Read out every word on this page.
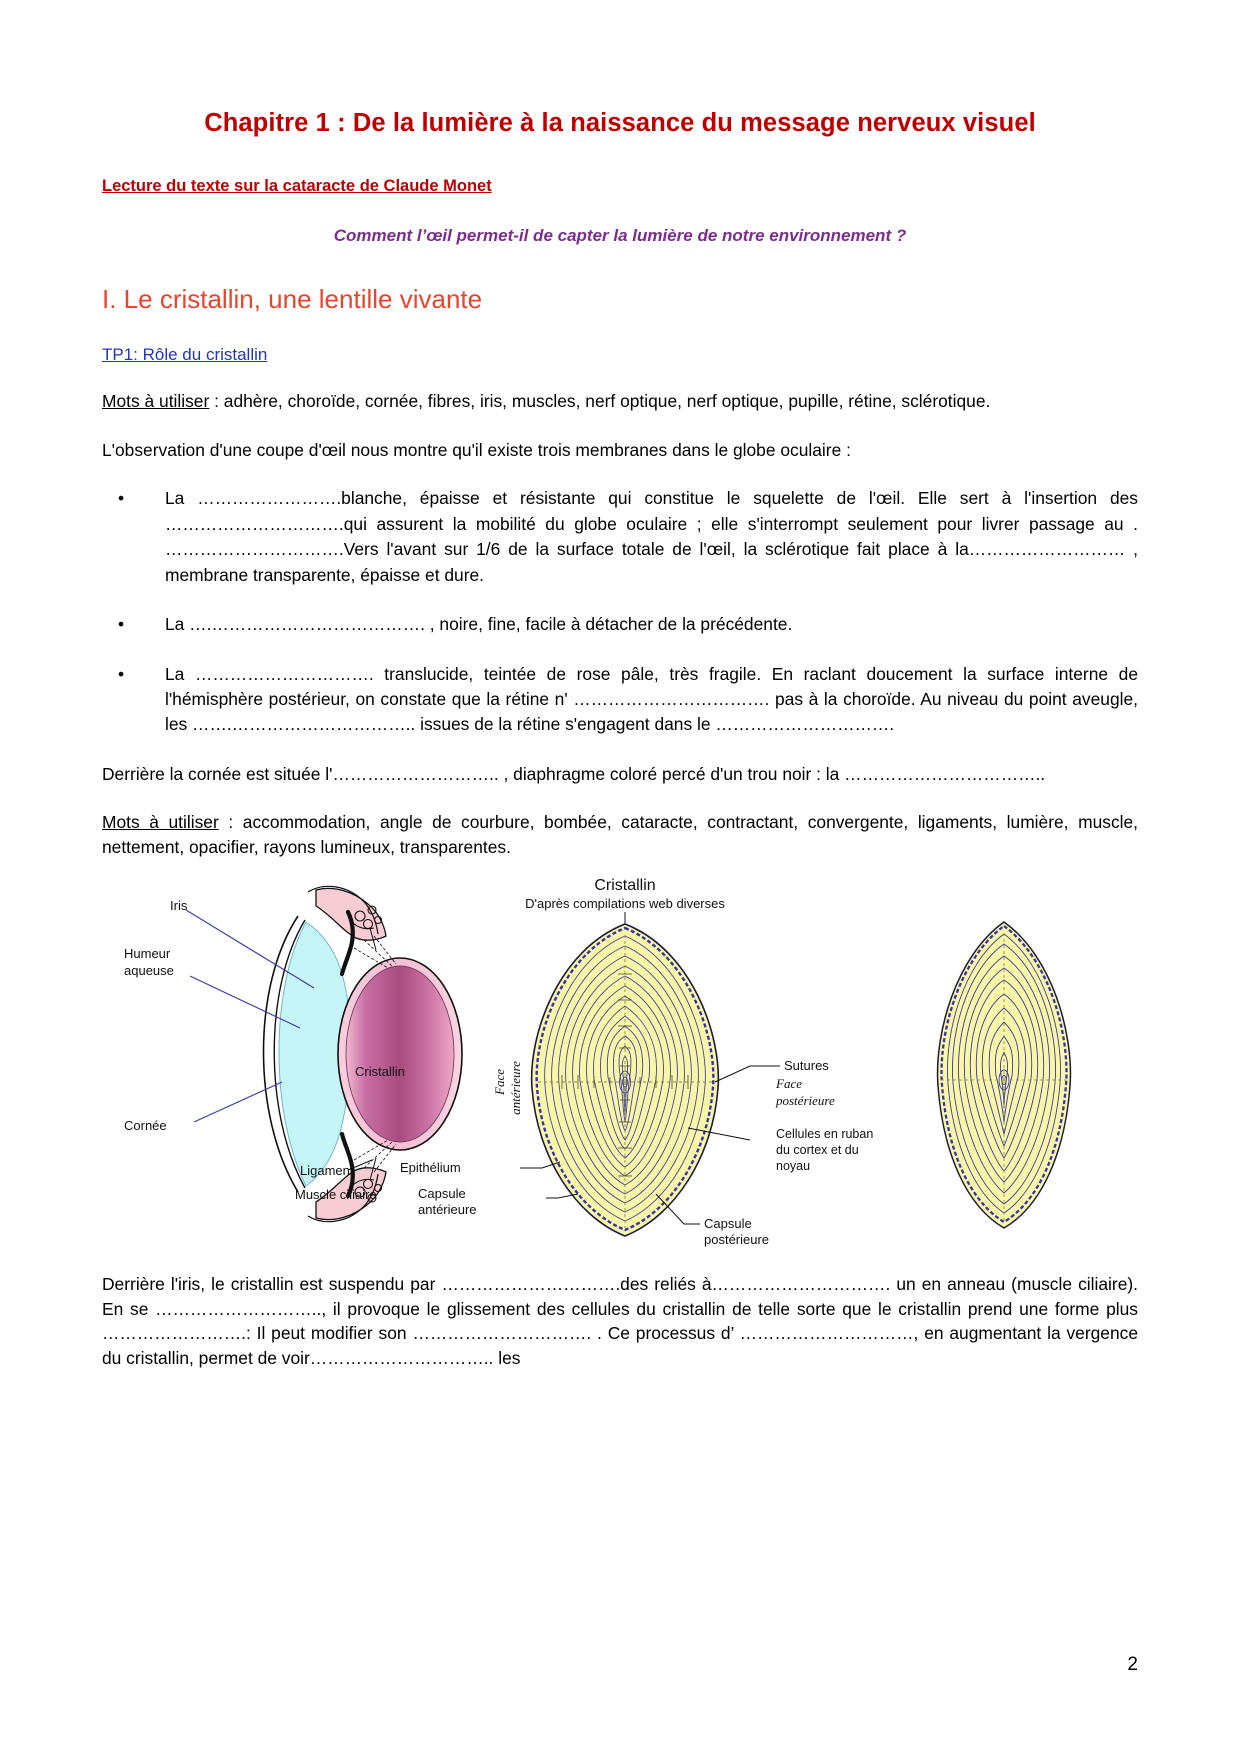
Chapitre 1 : De la lumière à la naissance du message nerveux visuel
Lecture du texte sur la cataracte de Claude Monet

Comment l’œil permet-il de capter la lumière de notre environnement ?

I. Le cristallin, une lentille vivante

TP1: Rôle du cristallin

Mots à utiliser : adhère, choroïde, cornée, fibres, iris, muscles, nerf optique, nerf optique, pupille, rétine, sclérotique.

L'observation d'une coupe d'œil nous montre qu'il existe trois membranes dans le globe oculaire :

• La …………………….blanche, épaisse et résistante qui constitue le squelette de l'œil. Elle sert à l'insertion des ………………………….qui assurent la mobilité du globe oculaire ; elle s'interrompt seulement pour livrer passage au . ………………………….Vers l'avant sur 1/6 de la surface totale de l'œil, la sclérotique fait place à la……………………… , membrane transparente, épaisse et dure.
• La ….………………………………. , noire, fine, facile à détacher de la précédente.
• La …………………………. translucide, teintée de rose pâle, très fragile. En raclant doucement la surface interne de l'hémisphère postérieur, on constate que la rétine n' ……………………………. pas à la choroïde. Au niveau du point aveugle, les …….………………………….. issues de la rétine s'engagent dans le ………………………….

Derrière la cornée est située l'……………………….. , diaphragme coloré percé d'un trou noir : la ……………………………..

Mots à utiliser : accommodation, angle de courbure, bombée, cataracte, contractant, convergente, ligaments, lumière, muscle, nettement, opacifier, rayons lumineux, transparentes.

Iris
Humeur
aqueuse
Cristallin
Cornée
Ligament
Muscle ciliaire
Cristallin
D'après compilations web diverses
Face antérieure	Sutures
Face
postérieure
Cellules en ruban
du cortex et du
noyau
Epithélium
Capsule
antérieure
Capsule
postérieure

Derrière l'iris, le cristallin est suspendu par ………………………….des reliés à…………………………. un en anneau (muscle ciliaire). En se ……………………….., il provoque le glissement des cellules du cristallin de telle sorte que le cristallin prend une forme plus …………………….: Il peut modifier son …………………………. . Ce processus d’ …………………………, en augmentant la vergence du cristallin, permet de voir………………………….. les

2
